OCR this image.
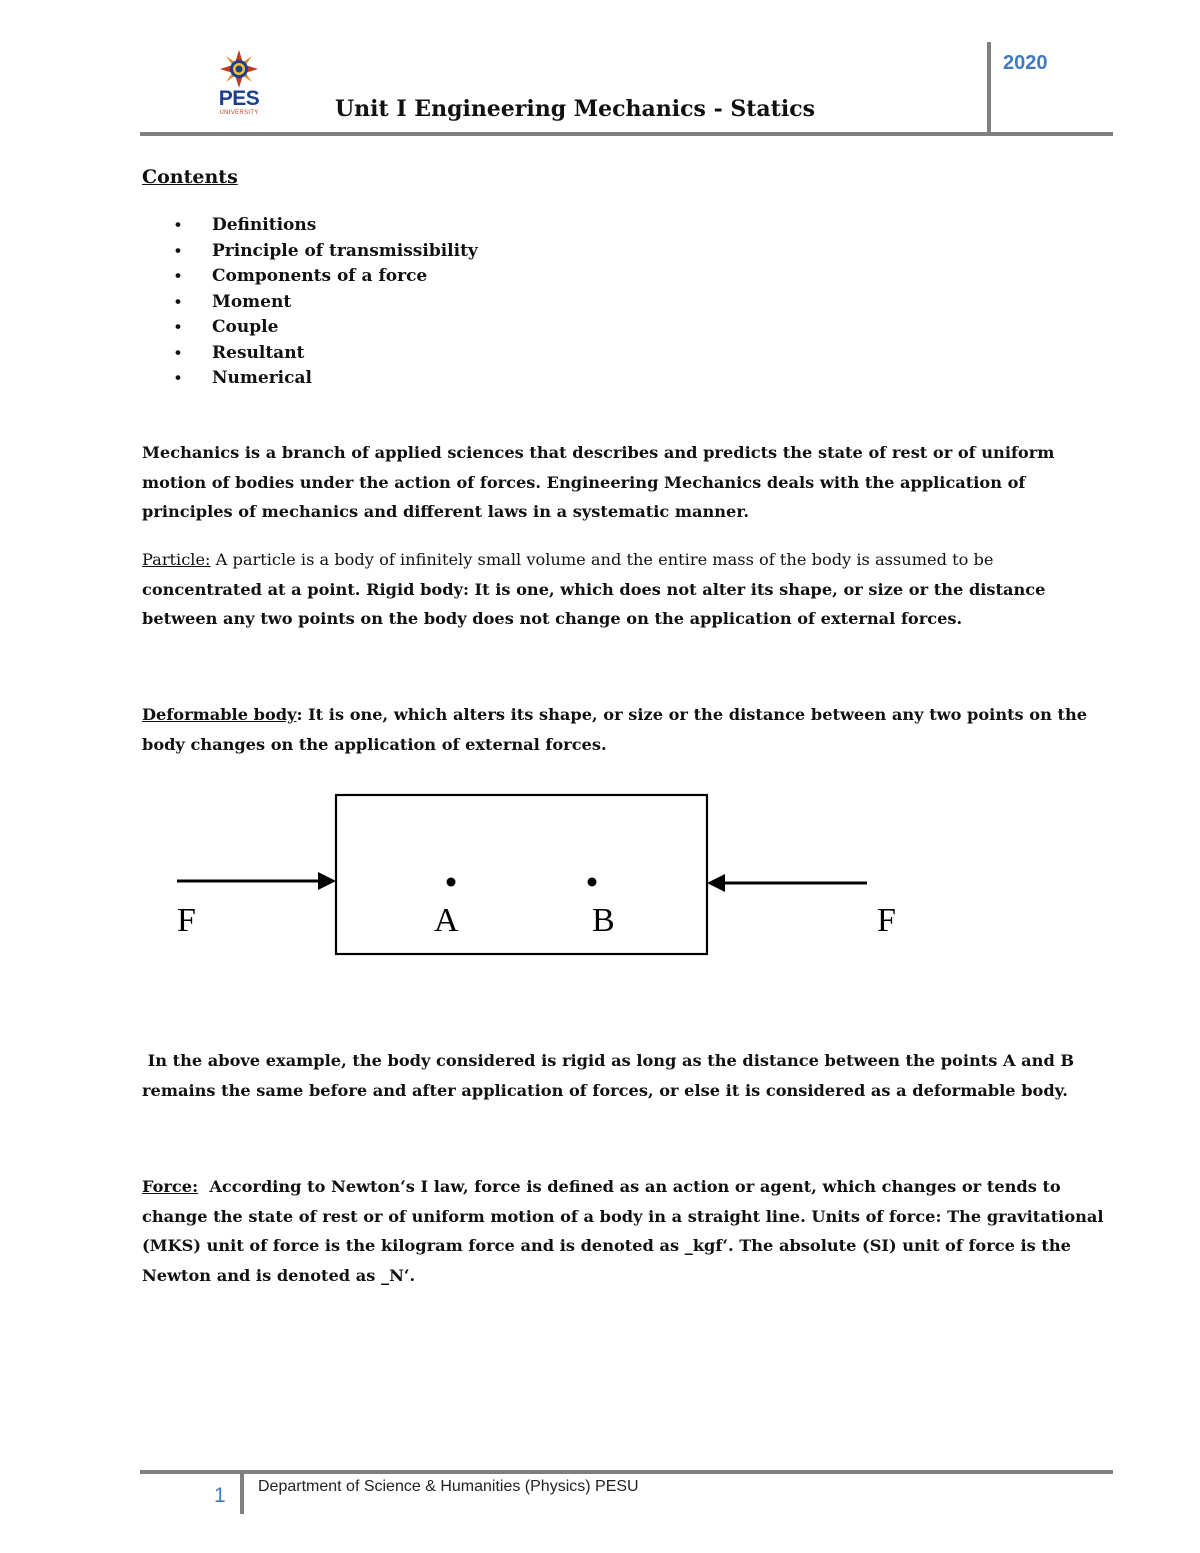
PES
UNIVERSITY	Unit I Engineering Mechanics - Statics
2020
Contents
• Definitions
• Principle of transmissibility
• Components of a force
• Moment
• Couple
• Resultant
• Numerical
Mechanics is a branch of applied sciences that describes and predicts the state of rest or of uniform
motion of bodies under the action of forces. Engineering Mechanics deals with the application of
principles of mechanics and different laws in a systematic manner.
Particle: A particle is a body of infinitely small volume and the entire mass of the body is assumed to be
concentrated at a point. Rigid body: It is one, which does not alter its shape, or size or the distance
between any two points on the body does not change on the application of external forces.
Deformable body: It is one, which alters its shape, or size or the distance between any two points on the
body changes on the application of external forces.
F	A	B	F
In the above example, the body considered is rigid as long as the distance between the points A and B
remains the same before and after application of forces, or else it is considered as a deformable body.
Force:  According to Newton‘s I law, force is defined as an action or agent, which changes or tends to
change the state of rest or of uniform motion of a body in a straight line. Units of force: The gravitational
(MKS) unit of force is the kilogram force and is denoted as _kgf‘. The absolute (SI) unit of force is the
Newton and is denoted as _N‘.
1 Department of Science & Humanities (Physics) PESU
